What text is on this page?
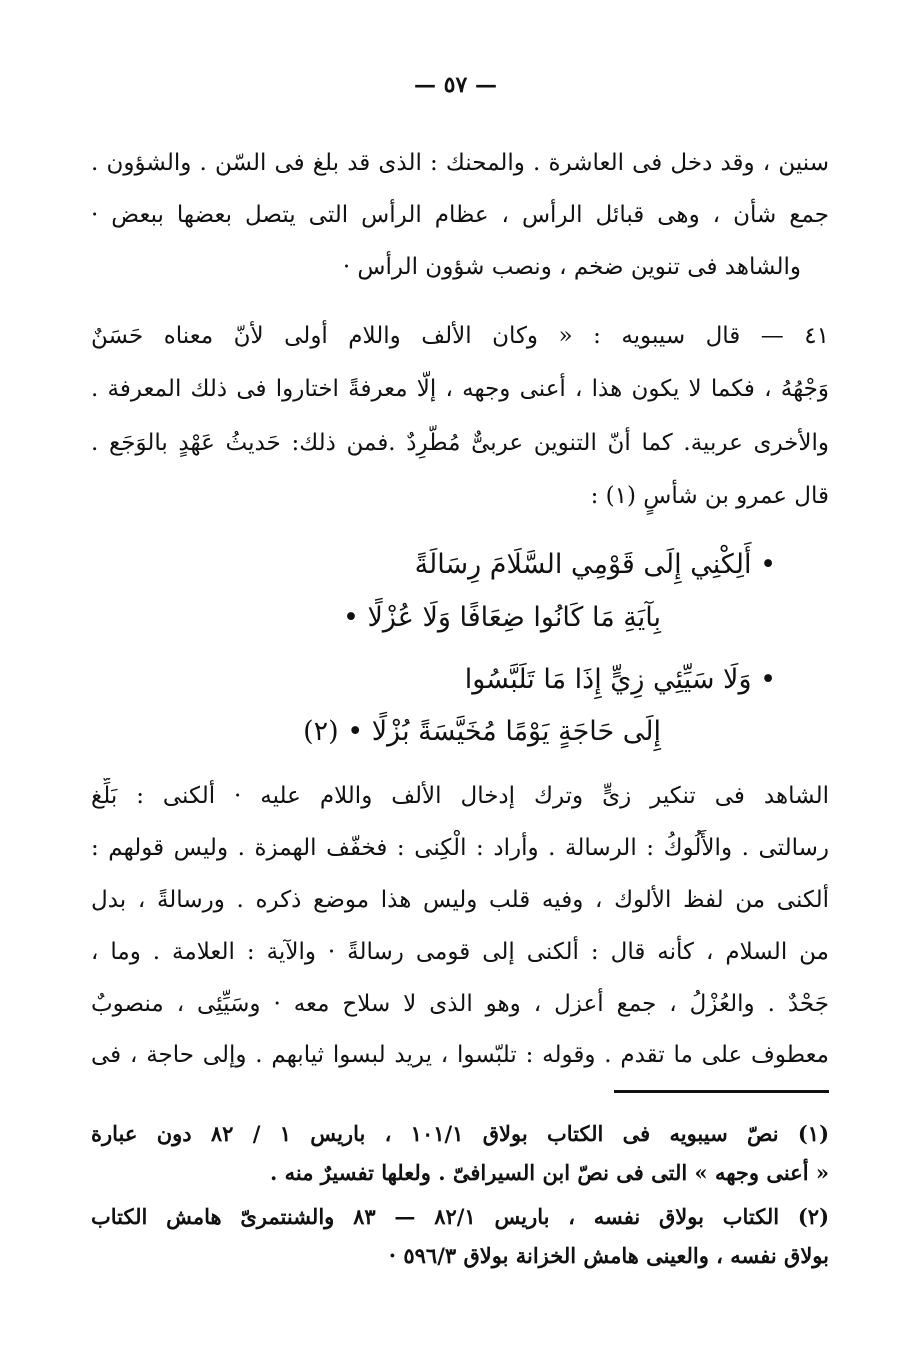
— ٥٧ —
سنين ، وقد دخل فى العاشرة . والمحنك : الذى قد بلغ فى السّن . والشؤون .
جمع شأن ، وهى قبائل الرأس ، عظام الرأس التى يتصل بعضها ببعض ·
والشاهد فى تنوين ضخم ، ونصب شؤون الرأس ·
٤١ — قال سيبويه : « وكان الألف واللام أولى لأنّ معناه حَسَنٌ
وَجْهُهُ ، فكما لا يكون هذا ، أعنى وجهه ، إلّا معرفةً اختاروا فى ذلك المعرفة .
والأخرى عربية. كما أنّ التنوين عربىٌّ مُطّرِدٌ .فمن ذلك: حَديثُ عَهْدٍ بالوَجَع .
قال عمرو بن شأسٍ (١) :
• أَلِكْنِي إِلَى قَوْمِي السَّلَامَ رِسَالَةً
بِآيَةِ مَا كَانُوا ضِعَافًا وَلَا عُزْلًا •
• وَلَا سَيِّئِي زِيٍّ إِذَا مَا تَلَبَّسُوا
إِلَى حَاجَةٍ يَوْمًا مُخَيَّسَةً بُزْلًا • (٢)
الشاهد فى تنكير زىٍّ وترك إدخال الألف واللام عليه · ألكنى : بَلِّغ
رسالتى . والأَلُوكُ : الرسالة . وأراد : الْكِنى : فخفّف الهمزة . وليس قولهم :
ألكنى من لفظ الألوك ، وفيه قلب وليس هذا موضع ذكره . ورسالةً ، بدل
من السلام ، كأنه قال : ألكنى إلى قومى رسالةً · والآية : العلامة . وما ،
جَحْدٌ . والعُزْلُ ، جمع أعزل ، وهو الذى لا سلاح معه · وسَيِّئِى ، منصوبٌ
معطوف على ما تقدم . وقوله : تلبّسوا ، يريد لبسوا ثيابهم . وإلى حاجة ، فى
(١) نصّ سيبويه فى الكتاب بولاق ١٠١/١ ، باريس ١ / ٨٢ دون عبارة
« أعنى وجهه » التى فى نصّ ابن السيرافىّ . ولعلها تفسيرٌ منه .
(٢) الكتاب بولاق نفسه ، باريس ٨٢/١ — ٨٣ والشنتمرىّ هامش الكتاب
بولاق نفسه ، والعينى هامش الخزانة بولاق ٥٩٦/٣ ·
